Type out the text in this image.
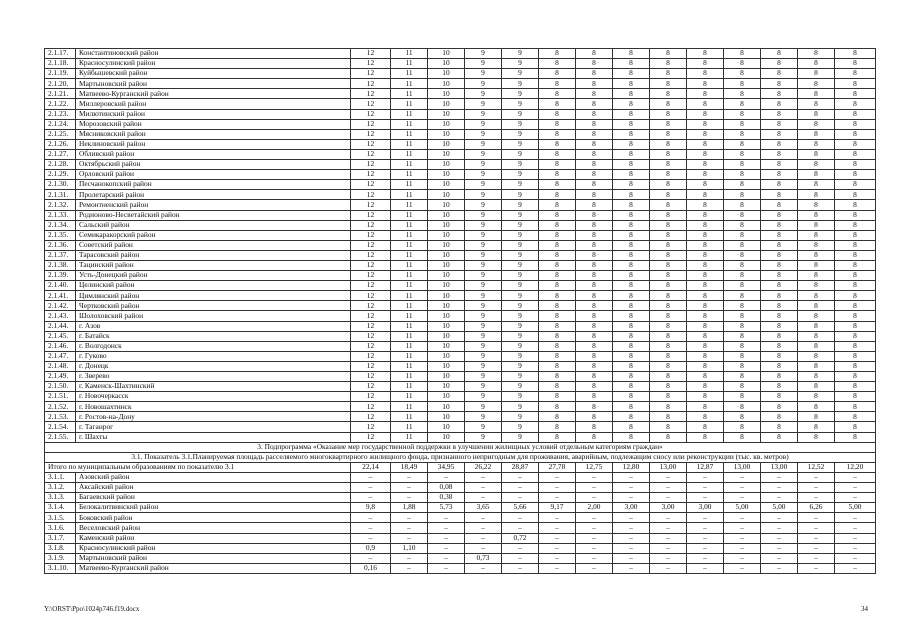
2.1.17.	Константиновский район	12	11	10	9	9	8	8	8	8	8	8	8	8	8
2.1.18.	Красносулинский район	12	11	10	9	9	8	8	8	8	8	8	8	8	8
2.1.19.	Куйбышевский район	12	11	10	9	9	8	8	8	8	8	8	8	8	8
2.1.20.	Мартыновский район	12	11	10	9	9	8	8	8	8	8	8	8	8	8
2.1.21.	Матвеево-Курганский район	12	11	10	9	9	8	8	8	8	8	8	8	8	8
2.1.22.	Миллеровский район	12	11	10	9	9	8	8	8	8	8	8	8	8	8
2.1.23.	Милютинский район	12	11	10	9	9	8	8	8	8	8	8	8	8	8
2.1.24.	Морозовский район	12	11	10	9	9	8	8	8	8	8	8	8	8	8
2.1.25.	Мясниковский район	12	11	10	9	9	8	8	8	8	8	8	8	8	8
2.1.26.	Неклиновский район	12	11	10	9	9	8	8	8	8	8	8	8	8	8
2.1.27.	Обливский район	12	11	10	9	9	8	8	8	8	8	8	8	8	8
2.1.28.	Октябрьский район	12	11	10	9	9	8	8	8	8	8	8	8	8	8
2.1.29.	Орловский район	12	11	10	9	9	8	8	8	8	8	8	8	8	8
2.1.30.	Песчанокопский район	12	11	10	9	9	8	8	8	8	8	8	8	8	8
2.1.31.	Пролетарский район	12	11	10	9	9	8	8	8	8	8	8	8	8	8
2.1.32.	Ремонтненский район	12	11	10	9	9	8	8	8	8	8	8	8	8	8
2.1.33.	Родионово-Несветайский район	12	11	10	9	9	8	8	8	8	8	8	8	8	8
2.1.34.	Сальский район	12	11	10	9	9	8	8	8	8	8	8	8	8	8
2.1.35.	Семикаракорский район	12	11	10	9	9	8	8	8	8	8	8	8	8	8
2.1.36.	Советский район	12	11	10	9	9	8	8	8	8	8	8	8	8	8
2.1.37.	Тарасовский район	12	11	10	9	9	8	8	8	8	8	8	8	8	8
2.1.38.	Тацинский район	12	11	10	9	9	8	8	8	8	8	8	8	8	8
2.1.39.	Усть-Донецкий район	12	11	10	9	9	8	8	8	8	8	8	8	8	8
2.1.40.	Целинский район	12	11	10	9	9	8	8	8	8	8	8	8	8	8
2.1.41.	Цимлянский район	12	11	10	9	9	8	8	8	8	8	8	8	8	8
2.1.42.	Чертковский район	12	11	10	9	9	8	8	8	8	8	8	8	8	8
2.1.43.	Шолоховский район	12	11	10	9	9	8	8	8	8	8	8	8	8	8
2.1.44.	г. Азов	12	11	10	9	9	8	8	8	8	8	8	8	8	8
2.1.45.	г. Батайск	12	11	10	9	9	8	8	8	8	8	8	8	8	8
2.1.46.	г. Волгодонск	12	11	10	9	9	8	8	8	8	8	8	8	8	8
2.1.47.	г. Гуково	12	11	10	9	9	8	8	8	8	8	8	8	8	8
2.1.48.	г. Донецк	12	11	10	9	9	8	8	8	8	8	8	8	8	8
2.1.49.	г. Зверево	12	11	10	9	9	8	8	8	8	8	8	8	8	8
2.1.50.	г. Каменск-Шахтинский	12	11	10	9	9	8	8	8	8	8	8	8	8	8
2.1.51.	г. Новочеркасск	12	11	10	9	9	8	8	8	8	8	8	8	8	8
2.1.52.	г. Новошахтинск	12	11	10	9	9	8	8	8	8	8	8	8	8	8
2.1.53.	г. Ростов-на-Дону	12	11	10	9	9	8	8	8	8	8	8	8	8	8
2.1.54.	г. Таганрог	12	11	10	9	9	8	8	8	8	8	8	8	8	8
2.1.55.	г. Шахты	12	11	10	9	9	8	8	8	8	8	8	8	8	8
3. Подпрограмма «Оказание мер государственной поддержки в улучшении жилищных условий отдельным категориям граждан»															
3.1. Показатель 3.1.Планируемая площадь расселяемого многоквартирного жилищного фонда, признанного непригодным для проживания, аварийным, подлежащим сносу или реконструкции (тыс. кв. метров)															
Итого по муниципальным образованиям по показателю 3.1		22,14	18,49	34,95	26,22	28,87	27,78	12,75	12,80	13,00	12,87	13,00	13,00	12,52	12,20
3.1.1.	Азовский район	–	–	–	–	–	–	–	–	–	–	–	–	–	–
3.1.2.	Аксайский район	–	–	0,08	–	–	–	–	–	–	–	–	–	–	–
3.1.3.	Багаевский район	–	–	0,38	–	–	–	–	–	–	–	–	–	–	–
3.1.4.	Белокалитвинский район	9,8	1,88	5,73	3,65	5,66	9,17	2,00	3,00	3,00	3,00	5,00	5,00	6,26	5,00
3.1.5.	Боковский район	–	–	–	–	–	–	–	–	–	–	–	–	–	–
3.1.6.	Веселовский район	–	–	–	–	–	–	–	–	–	–	–	–	–	–
3.1.7.	Каменский район	–	–	–	–	0,72	–	–	–	–	–	–	–	–	–
3.1.8.	Красносулинский район	0,9	1,10	–	–	–	–	–	–	–	–	–	–	–	–
3.1.9.	Мартыновский район	–	–	–	0,73	–	–	–	–	–	–	–	–	–	–
3.1.10.	Матвеево-Курганский район	0,16	–	–	–	–	–	–	–	–	–	–	–	–	–
Y:\ORST\Ppo\1024p746.f19.docx	34
